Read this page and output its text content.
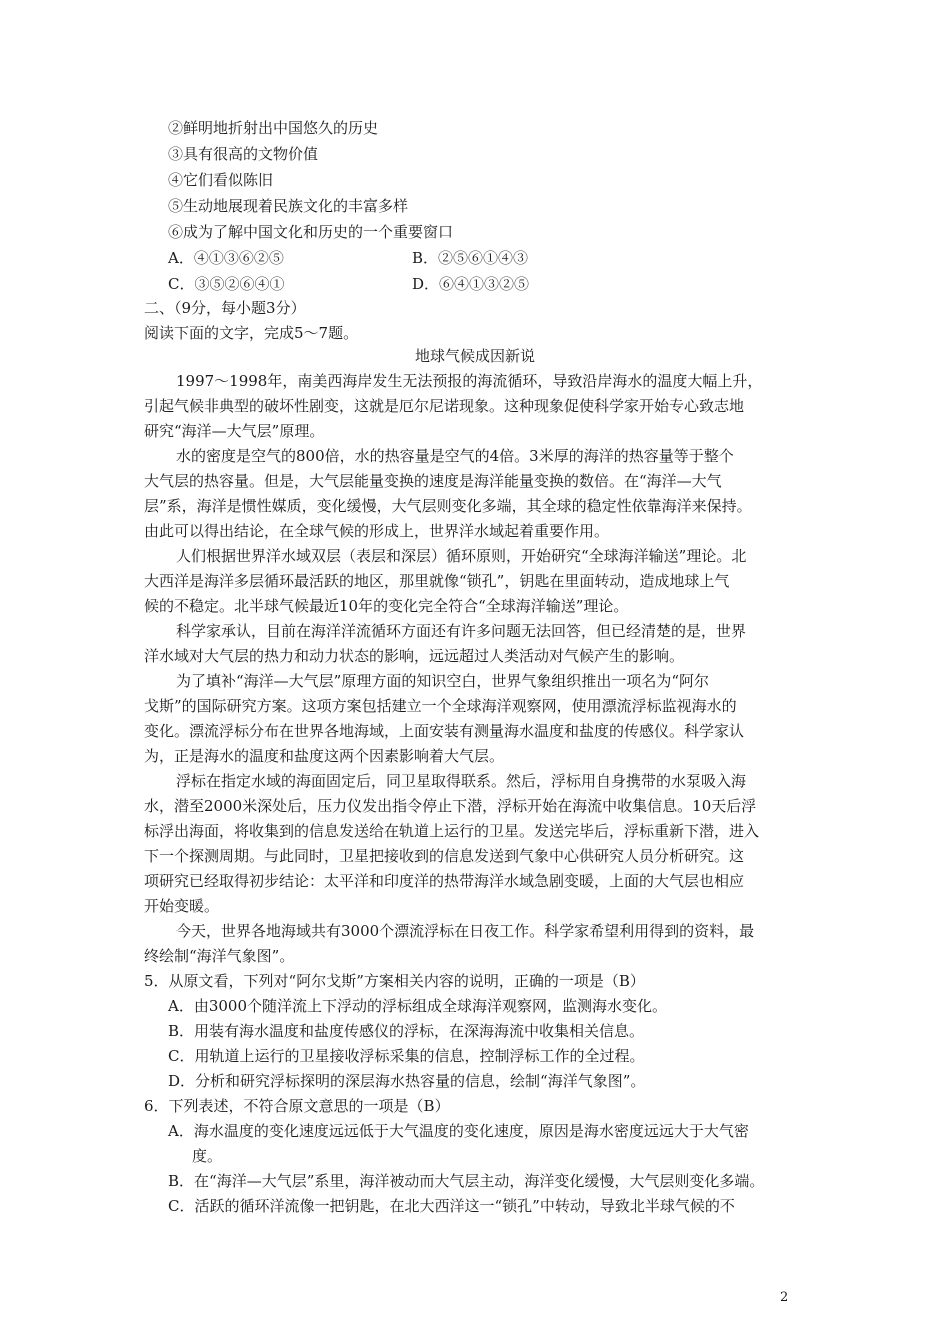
②鲜明地折射出中国悠久的历史
③具有很高的文物价值
④它们看似陈旧
⑤生动地展现着民族文化的丰富多样
⑥成为了解中国文化和历史的一个重要窗口
A．④①③⑥②⑤	B．②⑤⑥①④③
C．③⑤②⑥④①	D．⑥④①③②⑤
二、（9分，每小题3分）
阅读下面的文字，完成5～7题。
地球气候成因新说
1997～1998年，南美西海岸发生无法预报的海流循环，导致沿岸海水的温度大幅上升，
引起气候非典型的破坏性剧变，这就是厄尔尼诺现象。这种现象促使科学家开始专心致志地
研究“海洋—大气层”原理。
水的密度是空气的800倍，水的热容量是空气的4倍。3米厚的海洋的热容量等于整个
大气层的热容量。但是，大气层能量变换的速度是海洋能量变换的数倍。在“海洋—大气
层”系，海洋是惯性媒质，变化缓慢，大气层则变化多端，其全球的稳定性依靠海洋来保持。
由此可以得出结论，在全球气候的形成上，世界洋水域起着重要作用。
人们根据世界洋水域双层（表层和深层）循环原则，开始研究“全球海洋输送”理论。北
大西洋是海洋多层循环最活跃的地区，那里就像“锁孔”，钥匙在里面转动，造成地球上气
候的不稳定。北半球气候最近10年的变化完全符合“全球海洋输送”理论。
科学家承认，目前在海洋洋流循环方面还有许多问题无法回答，但已经清楚的是，世界
洋水域对大气层的热力和动力状态的影响，远远超过人类活动对气候产生的影响。
为了填补“海洋—大气层”原理方面的知识空白，世界气象组织推出一项名为“阿尔
戈斯”的国际研究方案。这项方案包括建立一个全球海洋观察网，使用漂流浮标监视海水的
变化。漂流浮标分布在世界各地海域，上面安装有测量海水温度和盐度的传感仪。科学家认
为，正是海水的温度和盐度这两个因素影响着大气层。
浮标在指定水域的海面固定后，同卫星取得联系。然后，浮标用自身携带的水泵吸入海
水，潜至2000米深处后，压力仪发出指令停止下潜，浮标开始在海流中收集信息。10天后浮
标浮出海面，将收集到的信息发送给在轨道上运行的卫星。发送完毕后，浮标重新下潜，进入
下一个探测周期。与此同时，卫星把接收到的信息发送到气象中心供研究人员分析研究。这
项研究已经取得初步结论：太平洋和印度洋的热带海洋水域急剧变暖，上面的大气层也相应
开始变暖。
今天，世界各地海域共有3000个漂流浮标在日夜工作。科学家希望利用得到的资料，最
终绘制“海洋气象图”。
5．从原文看，下列对“阿尔戈斯”方案相关内容的说明，正确的一项是（B）
A．由3000个随洋流上下浮动的浮标组成全球海洋观察网，监测海水变化。
B．用装有海水温度和盐度传感仪的浮标，在深海海流中收集相关信息。
C．用轨道上运行的卫星接收浮标采集的信息，控制浮标工作的全过程。
D．分析和研究浮标探明的深层海水热容量的信息，绘制“海洋气象图”。
6．下列表述，不符合原文意思的一项是（B）
A．海水温度的变化速度远远低于大气温度的变化速度，原因是海水密度远远大于大气密
度。
B．在“海洋—大气层”系里，海洋被动而大气层主动，海洋变化缓慢，大气层则变化多端。
C．活跃的循环洋流像一把钥匙，在北大西洋这一“锁孔”中转动，导致北半球气候的不
2
